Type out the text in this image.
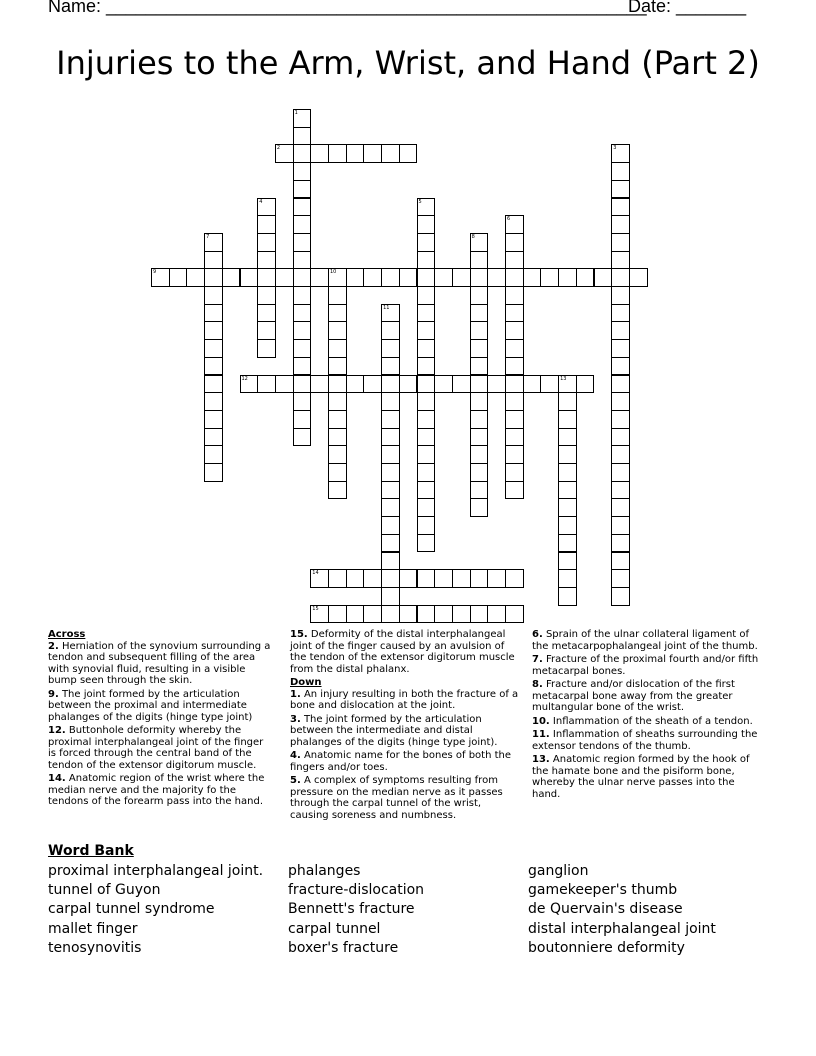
Name: ______________________________________________________
Date: _______
Injuries to the Arm, Wrist, and Hand (Part 2)
1
2	3
4	5
6
7	8
9	10
11
12	13
14
15
Across
2. Herniation of the synovium surrounding a tendon and subsequent filling of the area with synovial fluid, resulting in a visible bump seen through the skin.
9. The joint formed by the articulation between the proximal and intermediate phalanges of the digits (hinge type joint)
12. Buttonhole deformity whereby the proximal interphalangeal joint of the finger is forced through the central band of the tendon of the extensor digitorum muscle.
14. Anatomic region of the wrist where the median nerve and the majority fo the tendons of the forearm pass into the hand.
15. Deformity of the distal interphalangeal joint of the finger caused by an avulsion of the tendon of the extensor digitorum muscle from the distal phalanx.
Down
1. An injury resulting in both the fracture of a bone and dislocation at the joint.
3. The joint formed by the articulation between the intermediate and distal phalanges of the digits (hinge type joint).
4. Anatomic name for the bones of both the fingers and/or toes.
5. A complex of symptoms resulting from pressure on the median nerve as it passes through the carpal tunnel of the wrist, causing soreness and numbness.
6. Sprain of the ulnar collateral ligament of the metacarpophalangeal joint of the thumb.
7. Fracture of the proximal fourth and/or fifth metacarpal bones.
8. Fracture and/or dislocation of the first metacarpal bone away from the greater multangular bone of the wrist.
10. Inflammation of the sheath of a tendon.
11. Inflammation of sheaths surrounding the extensor tendons of the thumb.
13. Anatomic region formed by the hook of the hamate bone and the pisiform bone, whereby the ulnar nerve passes into the hand.
Word Bank
proximal interphalangeal joint.
tunnel of Guyon
carpal tunnel syndrome
mallet finger
tenosynovitis
phalanges
fracture-dislocation
Bennett's fracture
carpal tunnel
boxer's fracture
ganglion
gamekeeper's thumb
de Quervain's disease
distal interphalangeal joint
boutonniere deformity
